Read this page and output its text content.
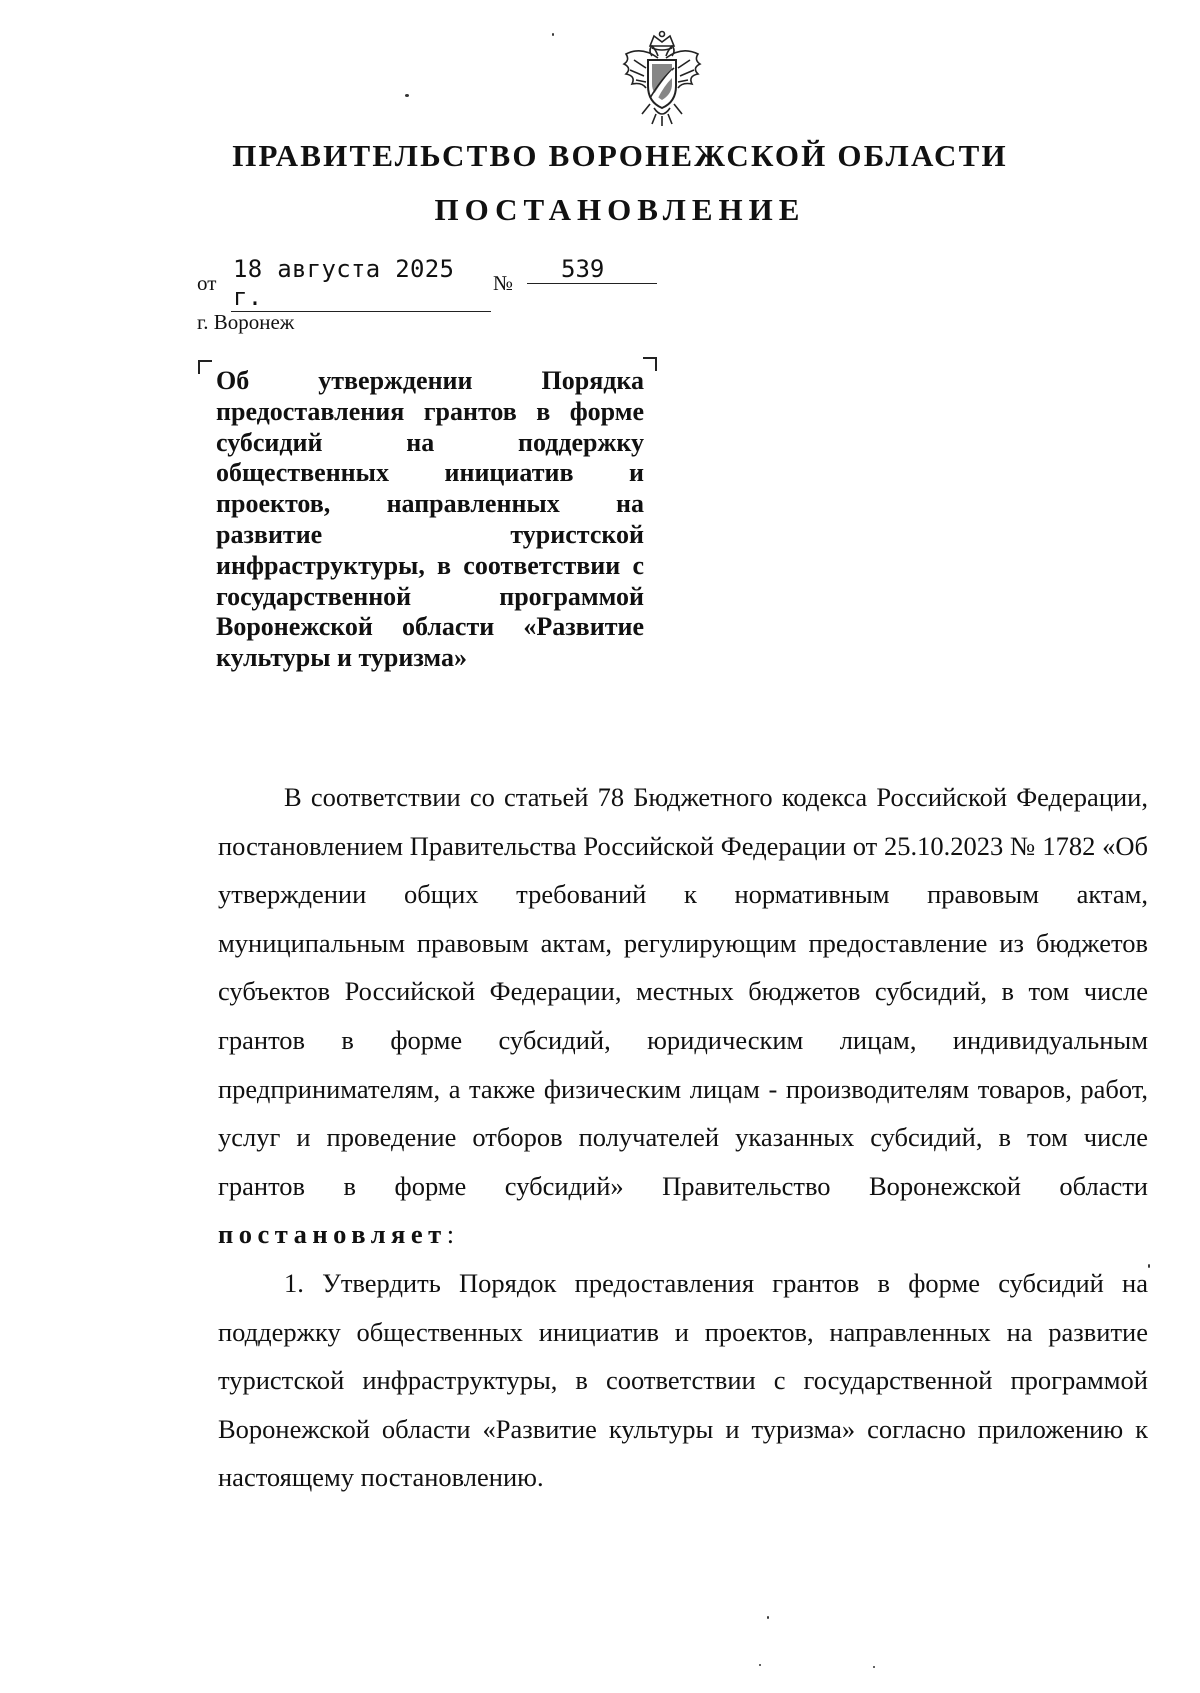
ПРАВИТЕЛЬСТВО ВОРОНЕЖСКОЙ ОБЛАСТИ
ПОСТАНОВЛЕНИЕ
от 18 августа 2025 г.	№	539
г. Воронеж
Об утверждении Порядка предоставления грантов в форме субсидий на поддержку общественных инициатив и проектов, направленных на развитие туристской инфраструктуры, в соответствии с государственной программой Воронежской области «Развитие культуры и туризма»

В соответствии со статьей 78 Бюджетного кодекса Российской Федерации, постановлением Правительства Российской Федерации от 25.10.2023 № 1782 «Об утверждении общих требований к нормативным правовым актам, муниципальным правовым актам, регулирующим предоставление из бюджетов субъектов Российской Федерации, местных бюджетов субсидий, в том числе грантов в форме субсидий, юридическим лицам, индивидуальным предпринимателям, а также физическим лицам - производителям товаров, работ, услуг и проведение отборов получателей указанных субсидий, в том числе грантов в форме субсидий» Правительство Воронежской области постановляет:

1. Утвердить Порядок предоставления грантов в форме субсидий на поддержку общественных инициатив и проектов, направленных на развитие туристской инфраструктуры, в соответствии с государственной программой Воронежской области «Развитие культуры и туризма» согласно приложению к настоящему постановлению.
